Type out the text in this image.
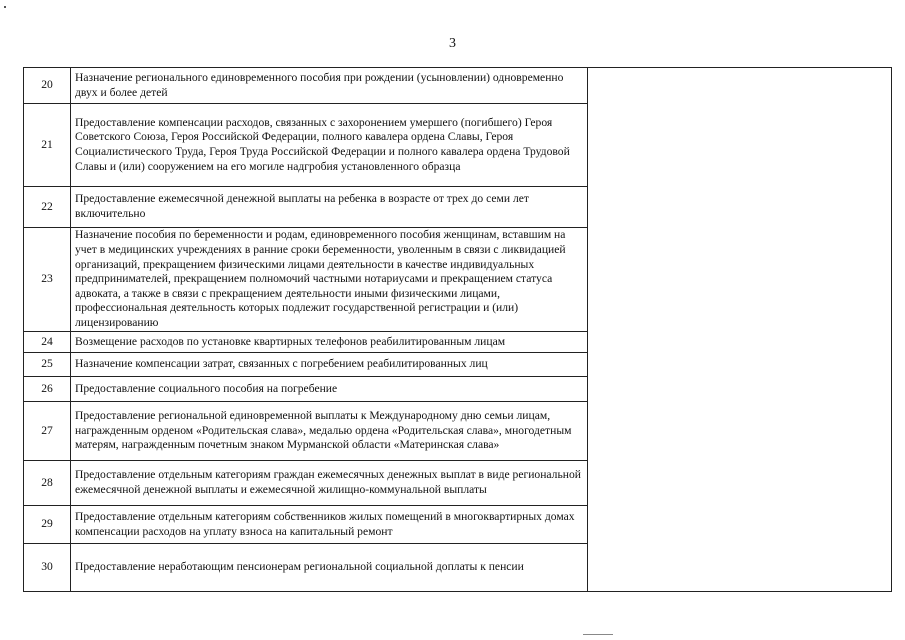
3
20	Назначение регионального единовременного пособия при рождении (усыновлении) одновременно двух и более детей	
21	Предоставление компенсации расходов, связанных с захоронением умершего (погибшего) Героя Советского Союза, Героя Российской Федерации, полного кавалера ордена Славы, Героя Социалистического Труда, Героя Труда Российской Федерации и полного кавалера ордена Трудовой Славы и (или) сооружением на его могиле надгробия установленного образца	
22	Предоставление ежемесячной денежной выплаты на ребенка в возрасте от трех до семи лет включительно	
23	Назначение пособия по беременности и родам, единовременного пособия женщинам, вставшим на учет в медицинских учреждениях в ранние сроки беременности, уволенным в связи с ликвидацией организаций, прекращением физическими лицами деятельности в качестве индивидуальных предпринимателей, прекращением полномочий частными нотариусами и прекращением статуса адвоката, а также в связи с прекращением деятельности иными физическими лицами, профессиональная деятельность которых подлежит государственной регистрации и (или) лицензированию	
24	Возмещение расходов по установке квартирных телефонов реабилитированным лицам	
25	Назначение компенсации затрат, связанных с погребением реабилитированных лиц	
26	Предоставление социального пособия на погребение	
27	Предоставление региональной единовременной выплаты к Международному дню семьи лицам, награжденным орденом «Родительская слава», медалью ордена «Родительская слава», многодетным матерям, награжденным почетным знаком Мурманской области «Материнская слава»	
28	Предоставление отдельным категориям граждан ежемесячных денежных выплат в виде региональной ежемесячной денежной выплаты и ежемесячной жилищно-коммунальной выплаты	
29	Предоставление отдельным категориям собственников жилых помещений в многоквартирных домах компенсации расходов на уплату взноса на капитальный ремонт	
30	Предоставление неработающим пенсионерам региональной социальной доплаты к пенсии	
